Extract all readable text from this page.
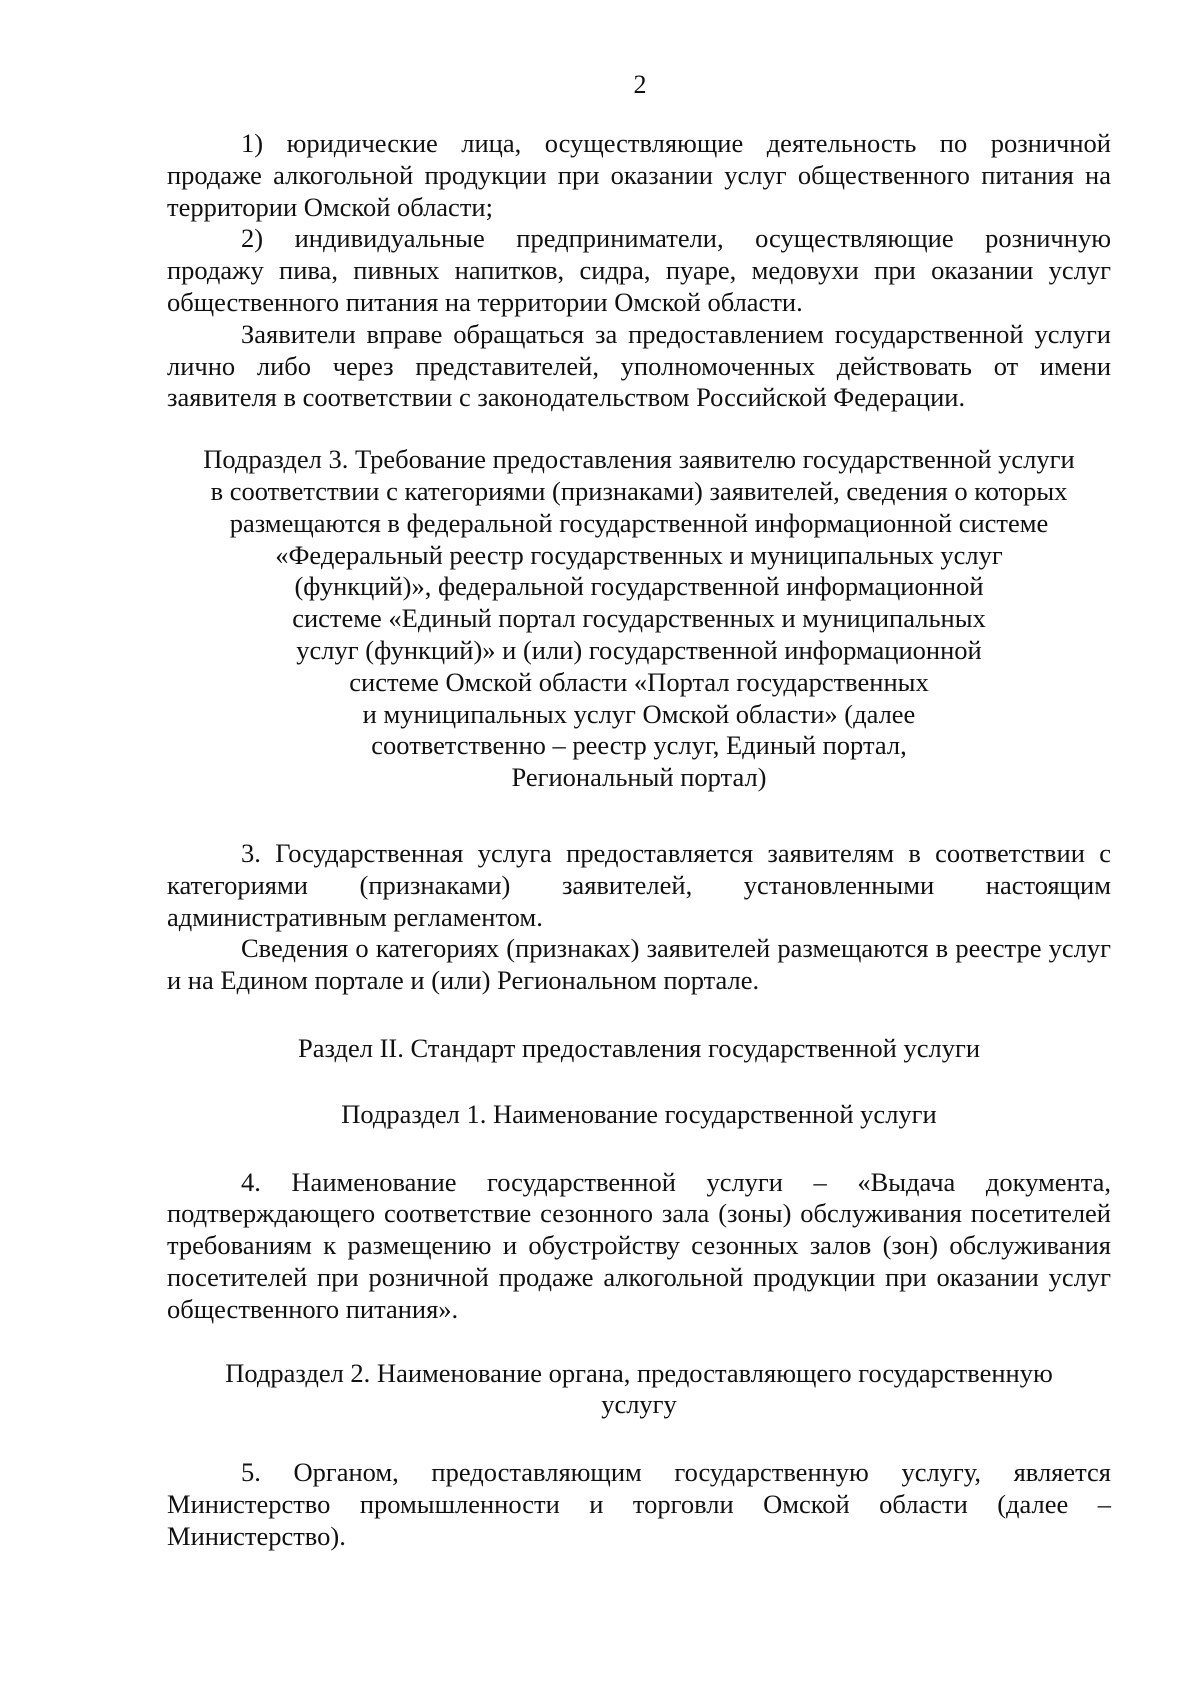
2

1) юридические лица, осуществляющие деятельность по розничной продаже алкогольной продукции при оказании услуг общественного питания на территории Омской области;

2) индивидуальные предприниматели, осуществляющие розничную продажу пива, пивных напитков, сидра, пуаре, медовухи при оказании услуг общественного питания на территории Омской области.

Заявители вправе обращаться за предоставлением государственной услуги лично либо через представителей, уполномоченных действовать от имени заявителя в соответствии с законодательством Российской Федерации.

Подраздел 3. Требование предоставления заявителю государственной услуги
в соответствии с категориями (признаками) заявителей, сведения о которых
размещаются в федеральной государственной информационной системе
«Федеральный реестр государственных и муниципальных услуг
(функций)», федеральной государственной информационной
системе «Единый портал государственных и муниципальных
услуг (функций)» и (или) государственной информационной
системе Омской области «Портал государственных
и муниципальных услуг Омской области» (далее
соответственно – реестр услуг, Единый портал,
Региональный портал)

3. Государственная услуга предоставляется заявителям в соответствии с категориями (признаками) заявителей, установленными настоящим административным регламентом.

Сведения о категориях (признаках) заявителей размещаются в реестре услуг и на Едином портале и (или) Региональном портале.

Раздел II. Стандарт предоставления государственной услуги

Подраздел 1. Наименование государственной услуги

4. Наименование государственной услуги – «Выдача документа, подтверждающего соответствие сезонного зала (зоны) обслуживания посетителей требованиям к размещению и обустройству сезонных залов (зон) обслуживания посетителей при розничной продаже алкогольной продукции при оказании услуг общественного питания».

Подраздел 2. Наименование органа, предоставляющего государственную
услугу

5. Органом, предоставляющим государственную услугу, является Министерство промышленности и торговли Омской области (далее – Министерство).
